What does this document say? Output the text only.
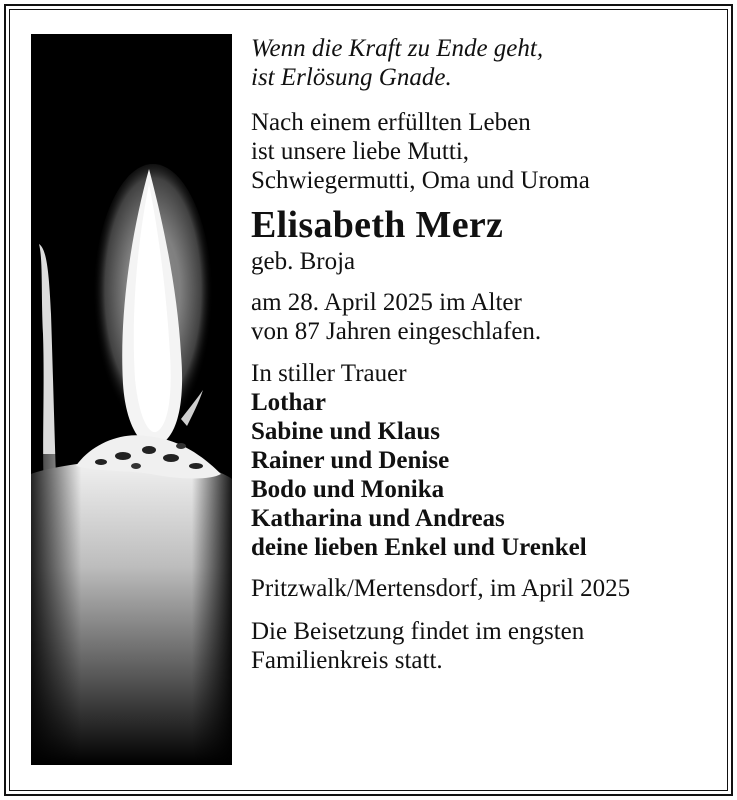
Wenn die Kraft zu Ende geht,
ist Erlösung Gnade.
Nach einem erfüllten Leben
ist unsere liebe Mutti,
Schwiegermutti, Oma und Uroma
Elisabeth Merz
geb. Broja
am 28. April 2025 im Alter
von 87 Jahren eingeschlafen.
In stiller Trauer
Lothar
Sabine und Klaus
Rainer und Denise
Bodo und Monika
Katharina und Andreas
deine lieben Enkel und Urenkel
Pritzwalk/Mertensdorf, im April 2025
Die Beisetzung findet im engsten
Familienkreis statt.
